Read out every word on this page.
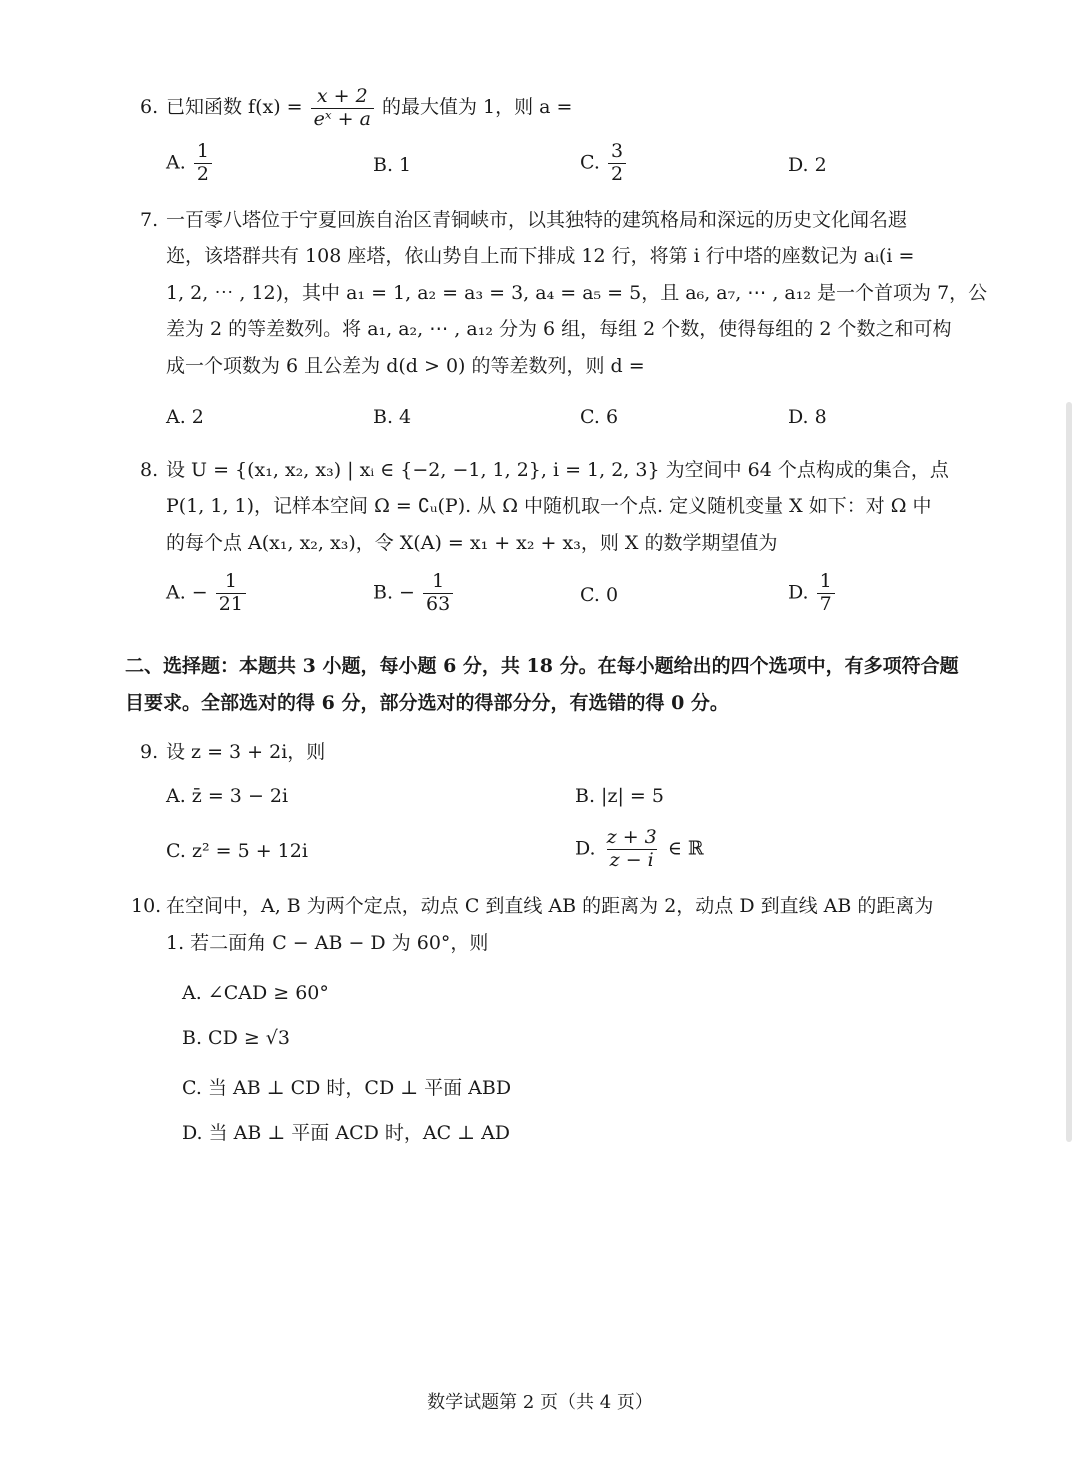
6. 已知函数 $f(x) = \frac{x + 2}{\text{eˣ + a}}$ 的最大值为 1，则 a =
A. $\frac{1}{2}$	B. 1	C. $\frac{3}{2}$	D. 2
7. 一百零八塔位于宁夏回族自治区青铜峡市，以其独特的建筑格局和深远的历史文化闻名遐
迩，该塔群共有 108 座塔，依山势自上而下排成 12 行，将第 i 行中塔的座数记为 aᵢ(i =
1, 2, ⋯ , 12)，其中 a₁ = 1, a₂ = a₃ = 3, a₄ = a₅ = 5，且 a₆, a₇, ⋯ , a₁₂ 是一个首项为 7，公
差为 2 的等差数列。将 a₁, a₂, ⋯ , a₁₂ 分为 6 组，每组 2 个数，使得每组的 2 个数之和可构
成一个项数为 6 且公差为 d(d > 0) 的等差数列，则 d =
A. 2	B. 4	C. 6	D. 8
8. 设 U = {(x₁, x₂, x₃) | xᵢ ∈ {−2, −1, 1, 2}, i = 1, 2, 3} 为空间中 64 个点构成的集合，点
P(1, 1, 1)，记样本空间 Ω = ∁ᵤ(P). 从 Ω 中随机取一个点. 定义随机变量 X 如下：对 Ω 中
的每个点 A(x₁, x₂, x₃)，令 X(A) = x₁ + x₂ + x₃，则 X 的数学期望值为
A. − $\frac{1}{21}$	B. − $\frac{1}{63}$	C. 0	D. $\frac{1}{7}$
二、选择题：本题共 3 小题，每小题 6 分，共 18 分。在每小题给出的四个选项中，有多项符合题
目要求。全部选对的得 6 分，部分选对的得部分分，有选错的得 0 分。
9. 设 z = 3 + 2i，则
A. z̄ = 3 − 2i	B. |z| = 5
C. z² = 5 + 12i	D. $\frac{z + 3}{z - i}$ ∈ ℝ
10. 在空间中，A, B 为两个定点，动点 C 到直线 AB 的距离为 2，动点 D 到直线 AB 的距离为
1. 若二面角 C − AB − D 为 60°，则
A. ∠CAD ≥ 60°
B. CD ≥ √3
C. 当 AB ⊥ CD 时，CD ⊥ 平面 ABD
D. 当 AB ⊥ 平面 ACD 时，AC ⊥ AD
数学试题第 2 页（共 4 页）
